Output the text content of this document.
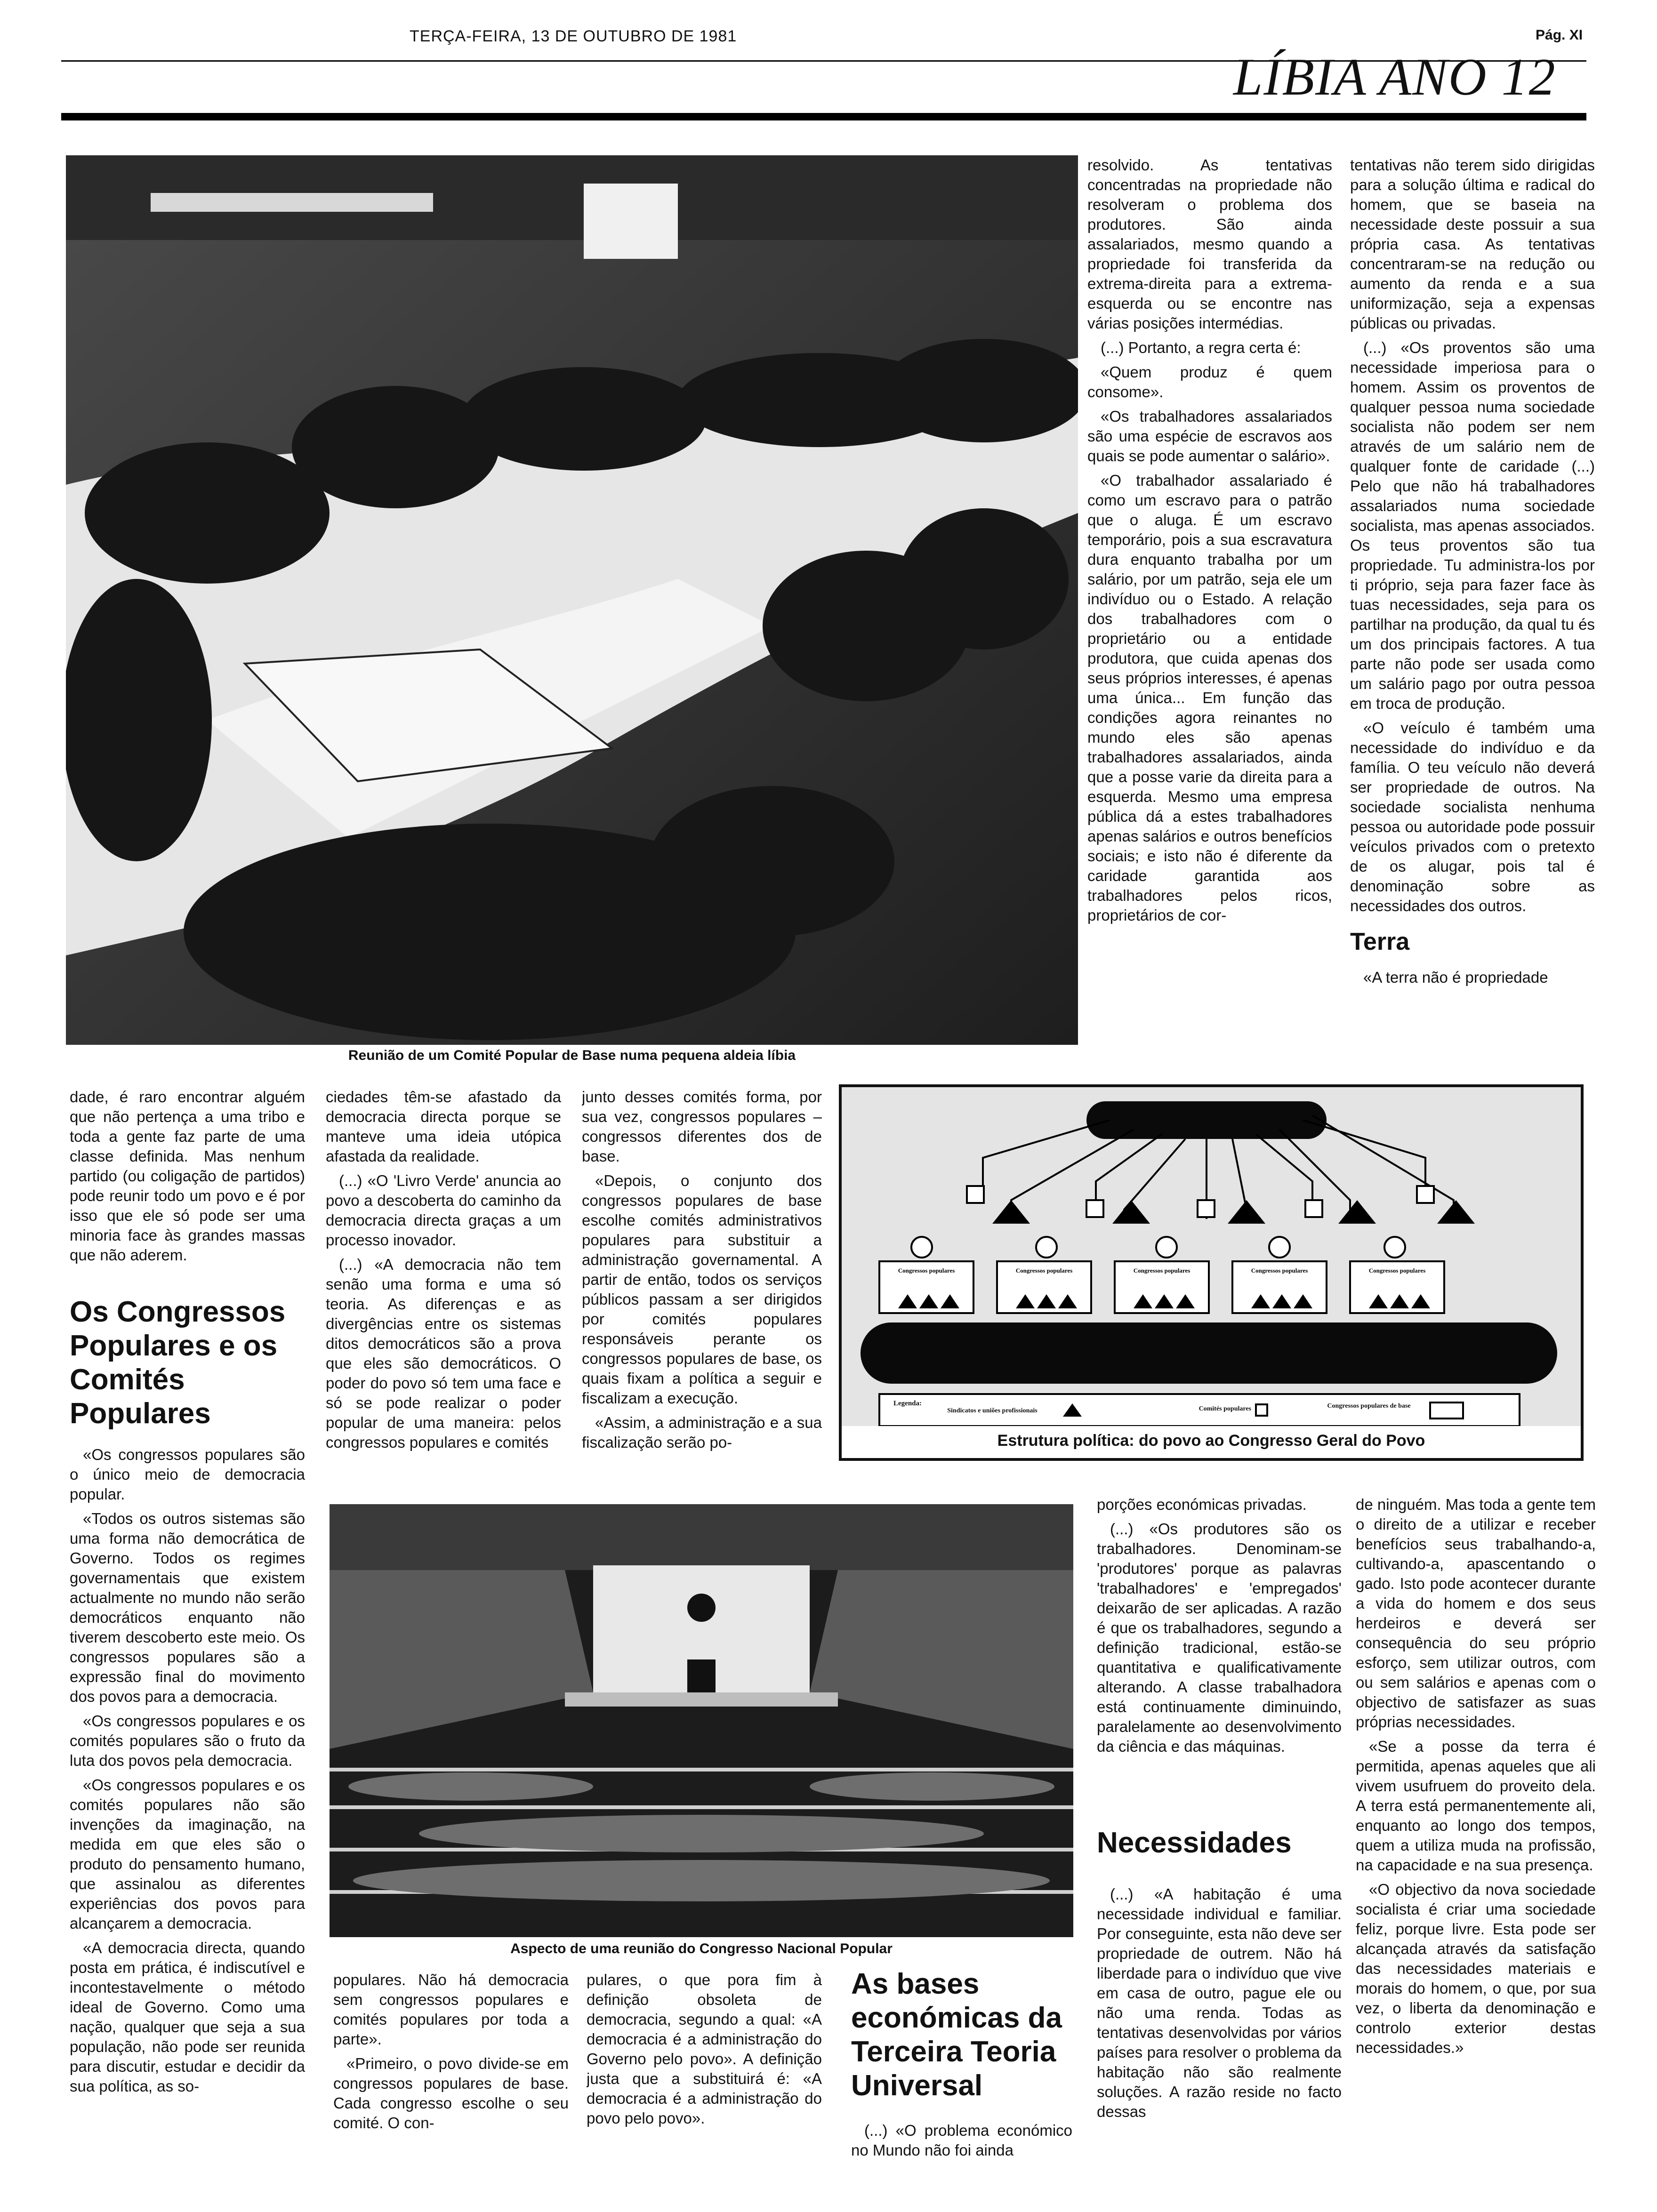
TERÇA-FEIRA, 13 DE OUTUBRO DE 1981	Pág. XI
LÍBIA ANO 12
Reunião de um Comité Popular de Base numa pequena aldeia líbia

resolvido. As tentativas concentradas na propriedade não resolveram o problema dos produtores. São ainda assalariados, mesmo quando a propriedade foi transferida da extrema-direita para a extrema-esquerda ou se encontre nas várias posições intermédias.

(...) Portanto, a regra certa é:

«Quem produz é quem consome».

«Os trabalhadores assalariados são uma espécie de escravos aos quais se pode aumentar o salário».

«O trabalhador assalariado é como um escravo para o patrão que o aluga. É um escravo temporário, pois a sua escravatura dura enquanto trabalha por um salário, por um patrão, seja ele um indivíduo ou o Estado. A relação dos trabalhadores com o proprietário ou a entidade produtora, que cuida apenas dos seus próprios interesses, é apenas uma única... Em função das condições agora reinantes no mundo eles são apenas trabalhadores assalariados, ainda que a posse varie da direita para a esquerda. Mesmo uma empresa pública dá a estes trabalhadores apenas salários e outros benefícios sociais; e isto não é diferente da caridade garantida aos trabalhadores pelos ricos, proprietários de cor-

tentativas não terem sido dirigidas para a solução última e radical do homem, que se baseia na necessidade deste possuir a sua própria casa. As tentativas concentraram-se na redução ou aumento da renda e a sua uniformização, seja a expensas públicas ou privadas.

(...) «Os proventos são uma necessidade imperiosa para o homem. Assim os proventos de qualquer pessoa numa sociedade socialista não podem ser nem através de um salário nem de qualquer fonte de caridade (...) Pelo que não há trabalhadores assalariados numa sociedade socialista, mas apenas associados. Os teus proventos são tua propriedade. Tu administra-los por ti próprio, seja para fazer face às tuas necessidades, seja para os partilhar na produção, da qual tu és um dos principais factores. A tua parte não pode ser usada como um salário pago por outra pessoa em troca de produção.

«O veículo é também uma necessidade do indivíduo e da família. O teu veículo não deverá ser propriedade de outros. Na sociedade socialista nenhuma pessoa ou autoridade pode possuir veículos privados com o pretexto de os alugar, pois tal é denominação sobre as necessidades dos outros.

Terra

«A terra não é propriedade

dade, é raro encontrar alguém que não pertença a uma tribo e toda a gente faz parte de uma classe definida. Mas nenhum partido (ou coligação de partidos) pode reunir todo um povo e é por isso que ele só pode ser uma minoria face às grandes massas que não aderem.

Os Congressos Populares e os Comités Populares

«Os congressos populares são o único meio de democracia popular.

«Todos os outros sistemas são uma forma não democrática de Governo. Todos os regimes governamentais que existem actualmente no mundo não serão democráticos enquanto não tiverem descoberto este meio. Os congressos populares são a expressão final do movimento dos povos para a democracia.

«Os congressos populares e os comités populares são o fruto da luta dos povos pela democracia.

«Os congressos populares e os comités populares não são invenções da imaginação, na medida em que eles são o produto do pensamento humano, que assinalou as diferentes experiências dos povos para alcançarem a democracia.

«A democracia directa, quando posta em prática, é indiscutível e incontestavelmente o método ideal de Governo. Como uma nação, qualquer que seja a sua população, não pode ser reunida para discutir, estudar e decidir da sua política, as so-

ciedades têm-se afastado da democracia directa porque se manteve uma ideia utópica afastada da realidade.

(...) «O 'Livro Verde' anuncia ao povo a descoberta do caminho da democracia directa graças a um processo inovador.

(...) «A democracia não tem senão uma forma e uma só teoria. As diferenças e as divergências entre os sistemas ditos democráticos são a prova que eles são democráticos. O poder do povo só tem uma face e só se pode realizar o poder popular de uma maneira: pelos congressos populares e comités

junto desses comités forma, por sua vez, congressos populares – congressos diferentes dos de base.

«Depois, o conjunto dos congressos populares de base escolhe comités administrativos populares para substituir a administração governamental. A partir de então, todos os serviços públicos passam a ser dirigidos por comités populares responsáveis perante os congressos populares de base, os quais fixam a política a seguir e fiscalizam a execução.

«Assim, a administração e a sua fiscalização serão po-

Congressos populares	Congressos populares	Congressos populares	Congressos populares	Congressos populares
Legenda:
Sindicatos e uniões profissionais	Comités populares	Congressos populares de base
Estrutura política: do povo ao Congresso Geral do Povo
Aspecto de uma reunião do Congresso Nacional Popular

populares. Não há democracia sem congressos populares e comités populares por toda a parte».

«Primeiro, o povo divide-se em congressos populares de base. Cada congresso escolhe o seu comité. O con-

pulares, o que pora fim à definição obsoleta de democracia, segundo a qual: «A democracia é a administração do Governo pelo povo». A definição justa que a substituirá é: «A democracia é a administração do povo pelo povo».

As bases económicas da Terceira Teoria Universal

(...) «O problema económico no Mundo não foi ainda

porções económicas privadas.

(...) «Os produtores são os trabalhadores. Denominam-se 'produtores' porque as palavras 'trabalhadores' e 'empregados' deixarão de ser aplicadas. A razão é que os trabalhadores, segundo a definição tradicional, estão-se quantitativa e qualificativamente alterando. A classe trabalhadora está continuamente diminuindo, paralelamente ao desenvolvimento da ciência e das máquinas.

Necessidades

(...) «A habitação é uma necessidade individual e familiar. Por conseguinte, esta não deve ser propriedade de outrem. Não há liberdade para o indivíduo que vive em casa de outro, pague ele ou não uma renda. Todas as tentativas desenvolvidas por vários países para resolver o problema da habitação não são realmente soluções. A razão reside no facto dessas

de ninguém. Mas toda a gente tem o direito de a utilizar e receber benefícios seus trabalhando-a, cultivando-a, apascentando o gado. Isto pode acontecer durante a vida do homem e dos seus herdeiros e deverá ser consequência do seu próprio esforço, sem utilizar outros, com ou sem salários e apenas com o objectivo de satisfazer as suas próprias necessidades.

«Se a posse da terra é permitida, apenas aqueles que ali vivem usufruem do proveito dela. A terra está permanentemente ali, enquanto ao longo dos tempos, quem a utiliza muda na profissão, na capacidade e na sua presença.

«O objectivo da nova sociedade socialista é criar uma sociedade feliz, porque livre. Esta pode ser alcançada através da satisfação das necessidades materiais e morais do homem, o que, por sua vez, o liberta da denominação e controlo exterior destas necessidades.»
